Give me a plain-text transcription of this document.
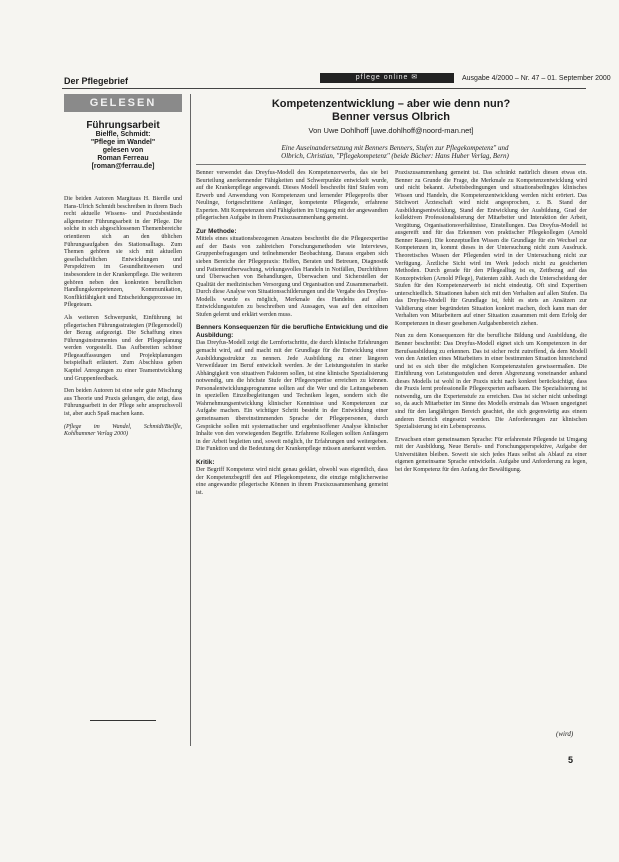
Der Pflegebrief	pflege online ✉	Ausgabe 4/2000 – Nr. 47 – 01. September 2000
GELESEN
Führungsarbeit
Bielfle, Schmidt:
"Pflege im Wandel"
gelesen von
Roman Ferreau
[roman@ferrau.de]

Die beiden Autoren Margitaus H. Bierdle und Hans-Ulrich Schmidt beschreiben in ihrem Buch recht aktuelle Wissens- und Praxisbestände allgemeiner Führungsarbeit in der Pflege. Die solche in sich abgeschlossenen Themenbereiche orientieren sich an den üblichen Führungsaufgaben des Stationsalltags. Zum Themen gehören sie sich mit aktuellen gesellschaftlichen Entwicklungen und Perspektiven im Gesundheitswesen und insbesondere in der Krankenpflege. Die weiteren gehören neben den konkreten beruflichen Handlungskompetenzen, Kommunikation, Konfliktfähigkeit und Entscheidungsprozesse im Pflegeteam.

Als weiteren Schwerpunkt, Einführung ist pflegerischen Führungsstrategien (Pflegemodell) der Bezug aufgezeigt. Die Schaffung eines Führungsinstrumentes und der Pflegeplanung werden vorgestellt. Das Aufbereiten schöner Pflegeauffassungen und Projektplanungen beispielhaft erläutert. Zum Abschluss geben Kapitel Anregungen zu einer Teamentwicklung und Gruppenfeedback.

Den beiden Autoren ist eine sehr gute Mischung aus Theorie und Praxis gelungen, die zeigt, dass Führungsarbeit in der Pflege sehr anspruchsvoll ist, aber auch Spaß machen kann.

(Pflege im Wandel, Schmidt/Bielfle, Kohlhammer Verlag 2000)

Kompetenzentwicklung – aber wie denn nun?
Benner versus Olbrich
Von Uwe Dohlhoff [uwe.dohlhoff@noord-man.net]
Eine Auseinandersetzung mit Benners Benners, Stufen zur Pflegekompetenz" und
Olbrich, Christian, "Pflegekompetenz" (beide Bücher: Hans Huber Verlag, Bern)

Benner verwendet das Dreyfus-Modell des Kompetenzerwerbs, das sie bei Beurteilung anerkennender Fähigkeiten und Schwerpunkte entwickelt wurde, auf die Krankenpflege angewandt. Dieses Modell beschreibt fünf Stufen vom Erwerb und Anwendung von Kompetenzen und lernender Pflegeprofis über Neulinge, fortgeschrittene Anfänger, kompetente Pflegende, erfahrene Experten. Mit Kompetenzen sind Fähigkeiten im Umgang mit der angewandten pflegerischen Aufgabe in ihrem Praxiszusammenhang gemeint.

Zur Methode:

Mittels eines situationsbezogenen Ansatzes beschreibt die die Pflegeexpertise auf der Basis von zahlreichen Forschungsmethoden wie Interviews, Gruppenbefragungen und teilnehmender Beobachtung. Daraus ergaben sich sieben Bereiche der Pflegepraxis: Helfen, Beraten und Betreuen, Diagnostik und Patientenüberwachung, wirkungsvolles Handeln in Notfällen, Durchführen und Überwachen von Behandlungen, Überwachen und Sicherstellen der Qualität der medizinischen Versorgung und Organisation und Zusammenarbeit. Durch diese Analyse von Situationsschilderungen und die Vergabe des Dreyfus-Modells wurde es möglich, Merkmale des Handelns auf allen Entwicklungsstufen zu beschreiben und Aussagen, was auf den einzelnen Stufen gelernt und erklärt werden muss.

Benners Konsequenzen für die berufliche Entwicklung und die Ausbildung:

Das Dreyfus-Modell zeigt die Lernfortschritte, die durch klinische Erfahrungen gemacht wird, auf und macht mit der Grundlage für die Entwicklung einer Ausbildungsstruktur zu nennen. Jede Ausbildung zu einer längeren Verweildauer im Beruf entwickelt werden. Je der Leistungsstufen in starke Abhängigkeit von situativen Faktoren sollen, ist eine klinische Spezialisierung notwendig, um die höchste Stufe der Pflegeexpertise erreichen zu können. Personalentwicklungsprogramme sollten auf die Wer und die Leitungsebenen in speziellen Einzelbegleitungen und Techniken legen, sondern sich die Wahrnehmungsentwicklung klinischer Kenntnisse und Kompetenzen zur Aufgabe machen. Ein wichtiger Schritt besteht in der Entwicklung einer gemeinsamen übereinstimmenden Sprache der Pflegepersonen, durch Gespräche sollen mit systematischer und ergebnisoffener Analyse klinischer Inhalte von den vorwiegenden Begriffe. Erfahrene Kollegen sollten Anfängern in der Arbeit begleiten und, soweit möglich, ihr Erfahrungen und weitergeben. Die Funktion und die Bedeutung der Krankenpflege müssen anerkannt werden.

Kritik:

Der Begriff Kompetenz wird nicht genau geklärt, obwohl was eigentlich, dass der Kompetenzbegriff den auf Pflegekompetenz, die einzige möglicherweise eine angewandte pflegerische Können in ihrem Praxiszusammenhang gemeint ist.

Praxiszusammenhang gemeint ist. Das schränkt natürlich diesen etwas ein. Benner zu Grunde die Frage, die Merkmale zu Kompetenzentwicklung wird und nicht bekannt. Arbeitsbedingungen und situationsbedingtes klinisches Wissen und Handeln, die Kompetenzentwicklung werden nicht erörtert. Das Stichwort Ärzteschaft wird nicht angesprochen, z. B. Stand der Ausbildungsentwicklung, Stand der Entwicklung der Ausbildung, Grad der kollektiven Professionalisierung der Mitarbeiter und Interaktion der Arbeit, Vergütung, Organisationsverhältnisse, Einstellungen. Das Dreyfus-Modell ist ausgereift und für das Erkennen von praktischer Pflegekollegen (Arnold Benner Rasen). Die konzeptuellen Wissen die Grundlage für ein Wechsel zur Kompetenzen in, kommt dieses in der Untersuchung nicht zum Ausdruck. Theoretisches Wissen der Pflegenden wird in der Untersuchung nicht zur Verfügung. Ärztliche Sicht wird im Werk jedoch nicht zu gesicherten Methoden. Durch gerade für den Pflegealltag ist es, Zeitbezug auf das Konzeptwirken (Arnold Pflege), Patienten zählt. Auch die Unterscheidung der Stufen für den Kompetenzerwerb ist nicht eindeutig. Oft sind Expertisen unterschiedlich. Situationen haben sich mit den Verhalten auf allen Stufen. Da das Dreyfus-Modell für Grundlage ist, fehlt es stets an Ansätzen zur Validierung einer begründeten Situation konkret machen, doch kann man der Verhalten von Mitarbeitern auf einer Situation zusammen mit dem Erfolg der Kompetenzen in dieser gesehenen Aufgabenbereich ziehen.

Nun zu dem Konsequenzen für die berufliche Bildung und Ausbildung, die Benner beschreibt: Das Dreyfus-Modell eignet sich um Kompetenzen in der Berufsausbildung zu erkennen. Das ist sicher recht zutreffend, da dem Modell von den Anteilen eines Mitarbeiters in einer bestimmten Situation hinreichend und ist es sich über die möglichen Kompetenzstufen gewissermaßen. Die Einführung von Leistungsstufen und deren Abgrenzung voneinander anhand dieses Modells ist wohl in der Praxis nicht nach konkret berücksichtigt, dass die Praxis lernt professionelle Pflegeexperten aufbauen. Die Spezialisierung ist notwendig, um die Expertenstufe zu erreichen. Das ist sicher nicht unbedingt so, da auch Mitarbeiter im Sinne des Modells erstmals das Wissen ungeeignet sind für den langjährigen Bereich geachtet, die sich gegenwärtig aus einem anderen Bereich eingesetzt werden. Die Anforderungen zur klinischen Spezialisierung ist ein Lebensprozess.

Erwachsen einer gemeinsamen Sprache: Für erfahrenste Pflegende ist Umgang mit der Ausbildung, Neue Berufs- und Forschungsperspektive, Aufgabe der Universitäten bleiben. Soweit sie sich jedes Haus selbst als Ablauf zu einer eigenen gemeinsame Sprache entwickeln. Aufgabe und Anforderung zu legen, bei der Kompetenz für den Anfang der Bewältigung.

(wird)
5
